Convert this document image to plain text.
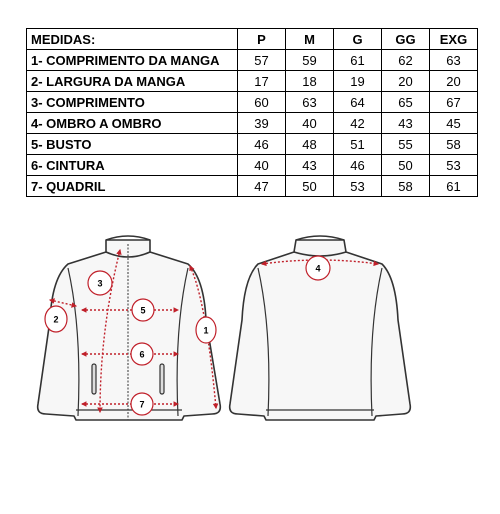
MEDIDAS:	P	M	G	GG	EXG
1- COMPRIMENTO DA MANGA	57	59	61	62	63
2- LARGURA DA MANGA	17	18	19	20	20
3- COMPRIMENTO	60	63	64	65	67
4- OMBRO A OMBRO	39	40	42	43	45
5- BUSTO	46	48	51	55	58
6- CINTURA	40	43	46	50	53
7- QUADRIL	47	50	53	58	61
1
2
3
4
5
6
7
